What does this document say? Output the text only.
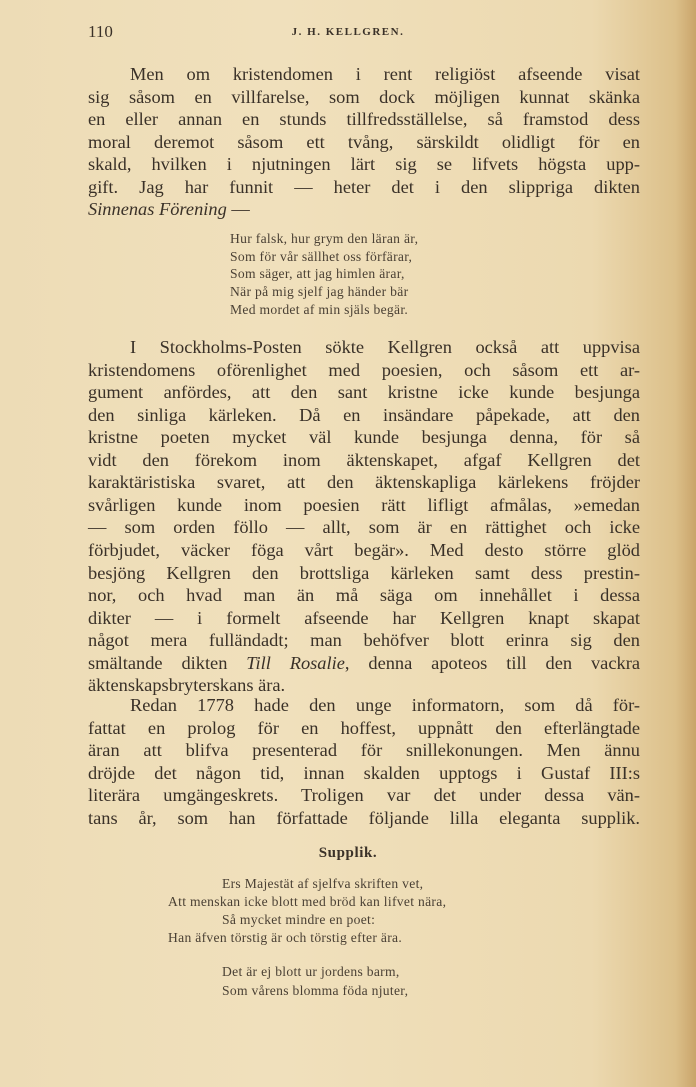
110	J. H. KELLGREN.
Men om kristendomen i rent religiöst afseende visat
sig såsom en villfarelse, som dock möjligen kunnat skänka
en eller annan en stunds tillfredsställelse, så framstod dess
moral deremot såsom ett tvång, särskildt olidligt för en
skald, hvilken i njutningen lärt sig se lifvets högsta upp-
gift. Jag har funnit — heter det i den slippriga dikten
Sinnenas Förening —
Hur falsk, hur grym den läran är,
Som för vår sällhet oss förfärar,
Som säger, att jag himlen ärar,
När på mig sjelf jag händer bär
Med mordet af min själs begär.
I Stockholms-Posten sökte Kellgren också att uppvisa
kristendomens oförenlighet med poesien, och såsom ett ar-
gument anfördes, att den sant kristne icke kunde besjunga
den sinliga kärleken. Då en insändare påpekade, att den
kristne poeten mycket väl kunde besjunga denna, för så
vidt den förekom inom äktenskapet, afgaf Kellgren det
karaktäristiska svaret, att den äktenskapliga kärlekens fröjder
svårligen kunde inom poesien rätt lifligt afmålas, »emedan
— som orden föllo — allt, som är en rättighet och icke
förbjudet, väcker föga vårt begär». Med desto större glöd
besjöng Kellgren den brottsliga kärleken samt dess prestin-
nor, och hvad man än må säga om innehållet i dessa
dikter — i formelt afseende har Kellgren knapt skapat
något mera fulländadt; man behöfver blott erinra sig den
smältande dikten Till Rosalie, denna apoteos till den vackra
äktenskapsbryterskans ära.
Redan 1778 hade den unge informatorn, som då för-
fattat en prolog för en hoffest, uppnått den efterlängtade
äran att blifva presenterad för snillekonungen. Men ännu
dröjde det någon tid, innan skalden upptogs i Gustaf III:s
literära umgängeskrets. Troligen var det under dessa vän-
tans år, som han författade följande lilla eleganta supplik.
Supplik.
Ers Majestät af sjelfva skriften vet,
Att menskan icke blott med bröd kan lifvet nära,
Så mycket mindre en poet:
Han äfven törstig är och törstig efter ära.
Det är ej blott ur jordens barm,
Som vårens blomma föda njuter,
